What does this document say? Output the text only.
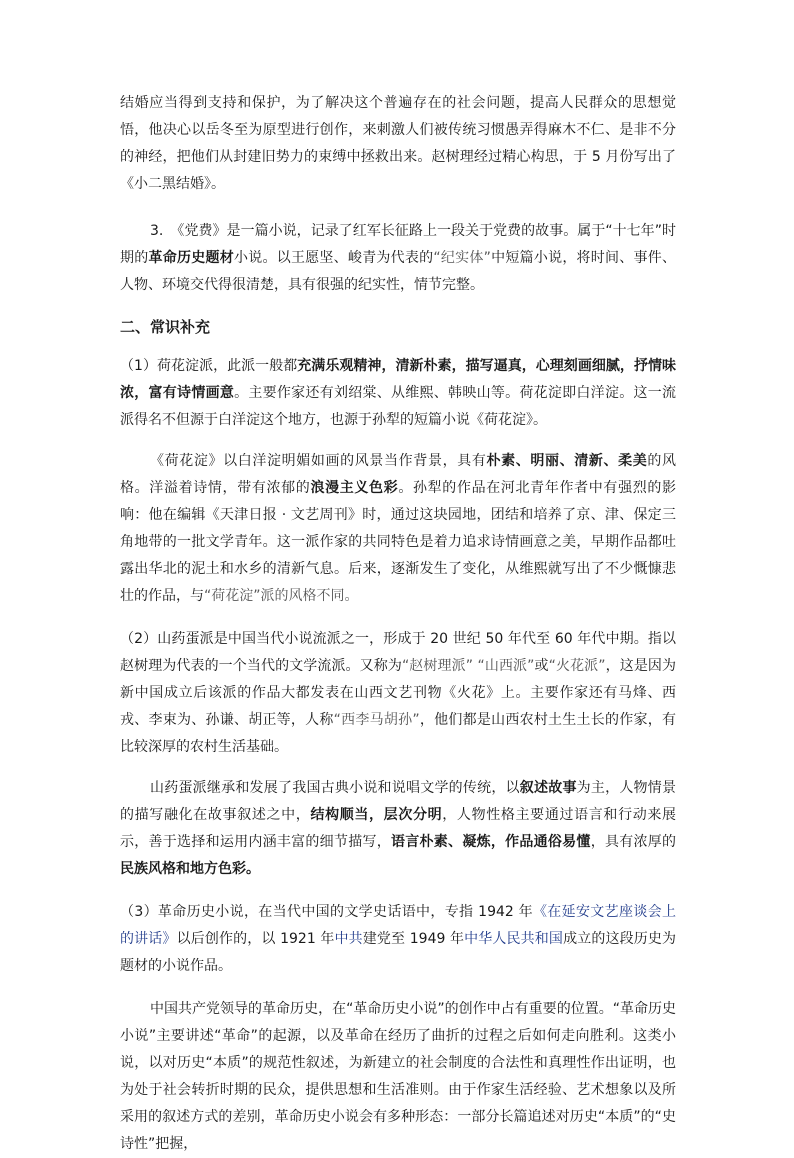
结婚应当得到支持和保护，为了解决这个普遍存在的社会问题，提高人民群众的思想觉悟，他决心以岳冬至为原型进行创作，来刺激人们被传统习惯愚弄得麻木不仁、是非不分的神经，把他们从封建旧势力的束缚中拯救出来。赵树理经过精心构思，于 5 月份写出了《小二黑结婚》。

3.　《党费》是一篇小说，记录了红军长征路上一段关于党费的故事。属于“十七年”时期的革命历史题材小说。以王愿坚、峻青为代表的“纪实体”中短篇小说，将时间、事件、人物、环境交代得很清楚，具有很强的纪实性，情节完整。

二、常识补充

（1）荷花淀派，此派一般都充满乐观精神，清新朴素，描写逼真，心理刻画细腻，抒情味浓，富有诗情画意。主要作家还有刘绍棠、从维熙、韩映山等。荷花淀即白洋淀。这一流派得名不但源于白洋淀这个地方，也源于孙犁的短篇小说《荷花淀》。

《荷花淀》以白洋淀明媚如画的风景当作背景，具有朴素、明丽、清新、柔美的风格。洋溢着诗情，带有浓郁的浪漫主义色彩。孙犁的作品在河北青年作者中有强烈的影响：他在编辑《天津日报 · 文艺周刊》时，通过这块园地，团结和培养了京、津、保定三角地带的一批文学青年。这一派作家的共同特色是着力追求诗情画意之美，早期作品都吐露出华北的泥土和水乡的清新气息。后来，逐渐发生了变化，从维熙就写出了不少慨慷悲壮的作品，与“荷花淀”派的风格不同。

（2）山药蛋派是中国当代小说流派之一，形成于 20 世纪 50 年代至 60 年代中期。指以赵树理为代表的一个当代的文学流派。又称为“赵树理派” “山西派”或“火花派”，这是因为新中国成立后该派的作品大都发表在山西文艺刊物《火花》上。主要作家还有马烽、西戎、李束为、孙谦、胡正等，人称“西李马胡孙”，他们都是山西农村土生土长的作家，有比较深厚的农村生活基础。

山药蛋派继承和发展了我国古典小说和说唱文学的传统，以叙述故事为主，人物情景的描写融化在故事叙述之中，结构顺当，层次分明，人物性格主要通过语言和行动来展示，善于选择和运用内涵丰富的细节描写，语言朴素、凝炼，作品通俗易懂，具有浓厚的民族风格和地方色彩。

（3）革命历史小说，在当代中国的文学史话语中，专指 1942 年《在延安文艺座谈会上的讲话》以后创作的，以 1921 年中共建党至 1949 年中华人民共和国成立的这段历史为题材的小说作品。

中国共产党领导的革命历史，在“革命历史小说”的创作中占有重要的位置。“革命历史小说”主要讲述“革命”的起源，以及革命在经历了曲折的过程之后如何走向胜利。这类小说，以对历史“本质”的规范性叙述，为新建立的社会制度的合法性和真理性作出证明，也为处于社会转折时期的民众，提供思想和生活准则。由于作家生活经验、艺术想象以及所采用的叙述方式的差别，革命历史小说会有多种形态：一部分长篇追述对历史“本质”的“史诗性”把握，
